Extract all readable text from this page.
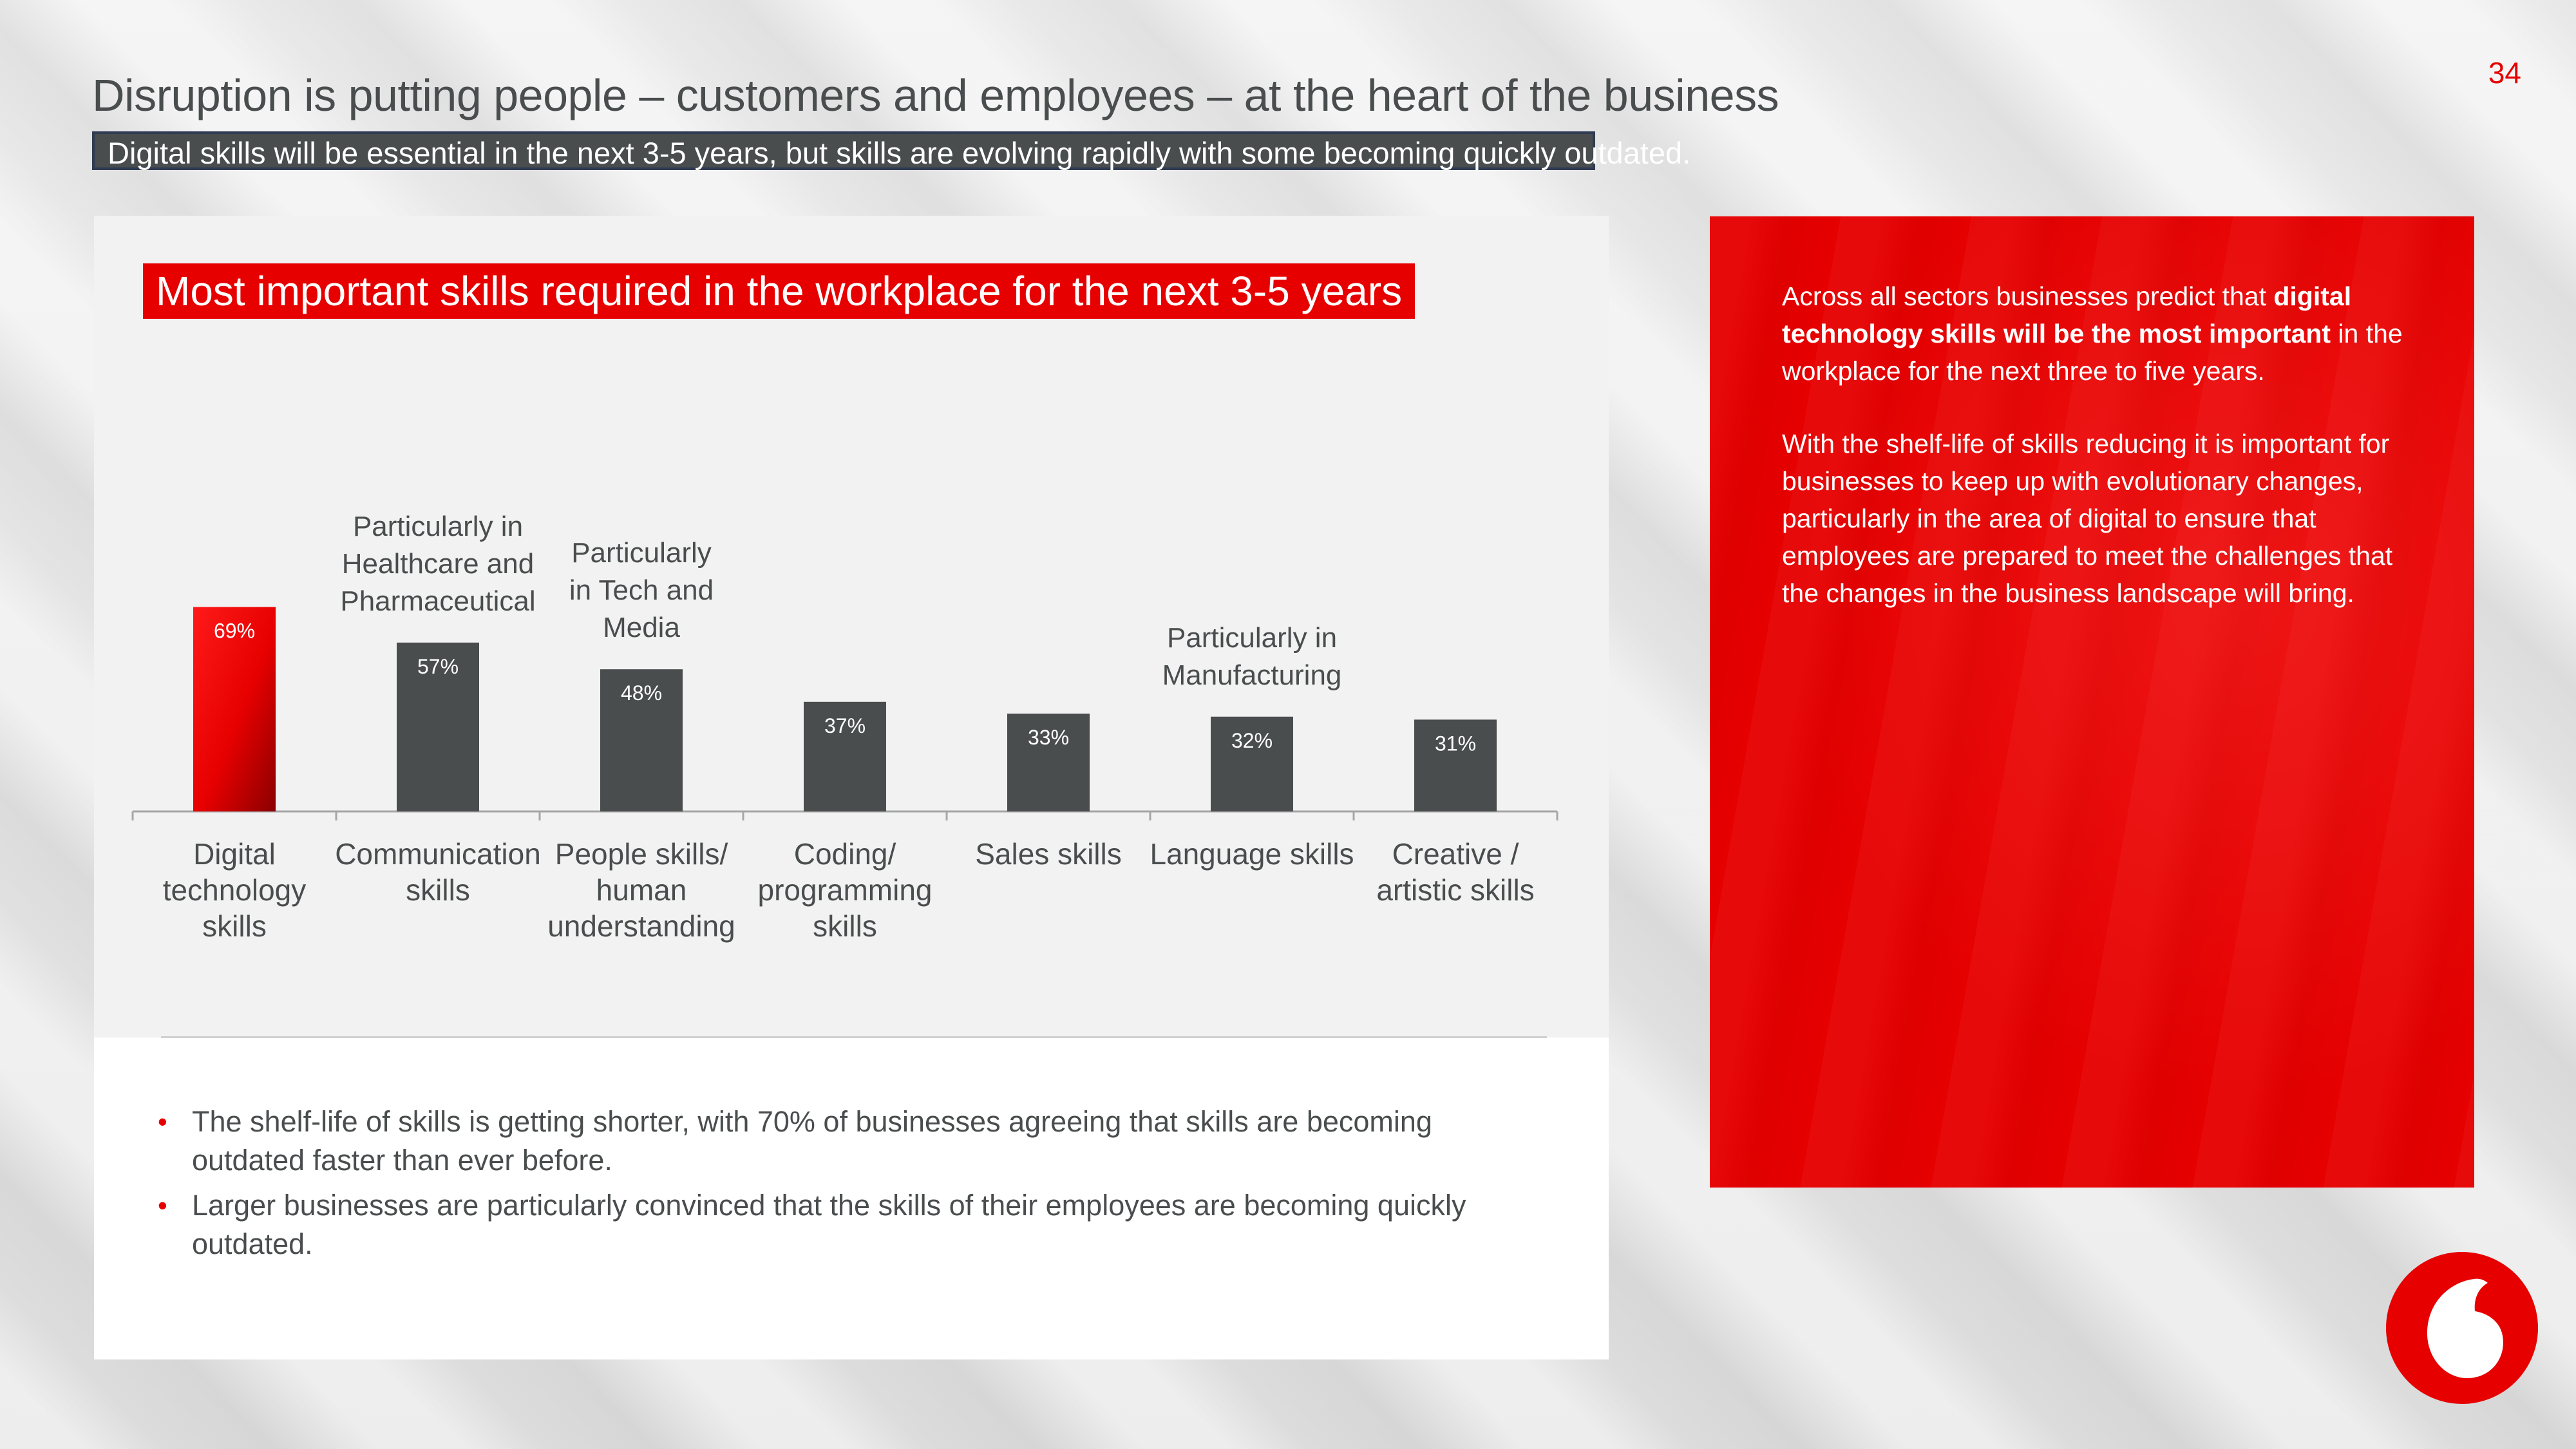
34
Disruption is putting people – customers and employees – at the heart of the business
Digital skills will be essential in the next 3-5 years, but skills are evolving rapidly with some becoming quickly outdated.
69%
Digital
technology
skills
57%
Communication
skills
48%
People skills/
human
understanding
37%
Coding/
programming
skills
33%
Sales skills
32%
Language skills
31%
Creative /
artistic skills
Particularly in
Healthcare and
Pharmaceutical
Particularly
in Tech and
Media	Particularly in
Manufacturing
Most important skills required in the workplace for the next 3-5 years
• The shelf-life of skills is getting shorter, with 70% of businesses agreeing that skills are becoming outdated faster than ever before.
• Larger businesses are particularly convinced that the skills of their employees are becoming quickly outdated.

Across all sectors businesses predict that digital technology skills will be the most important in the workplace for the next three to five years.

With the shelf-life of skills reducing it is important for businesses to keep up with evolutionary changes, particularly in the area of digital to ensure that employees are prepared to meet the challenges that the changes in the business landscape will bring.
